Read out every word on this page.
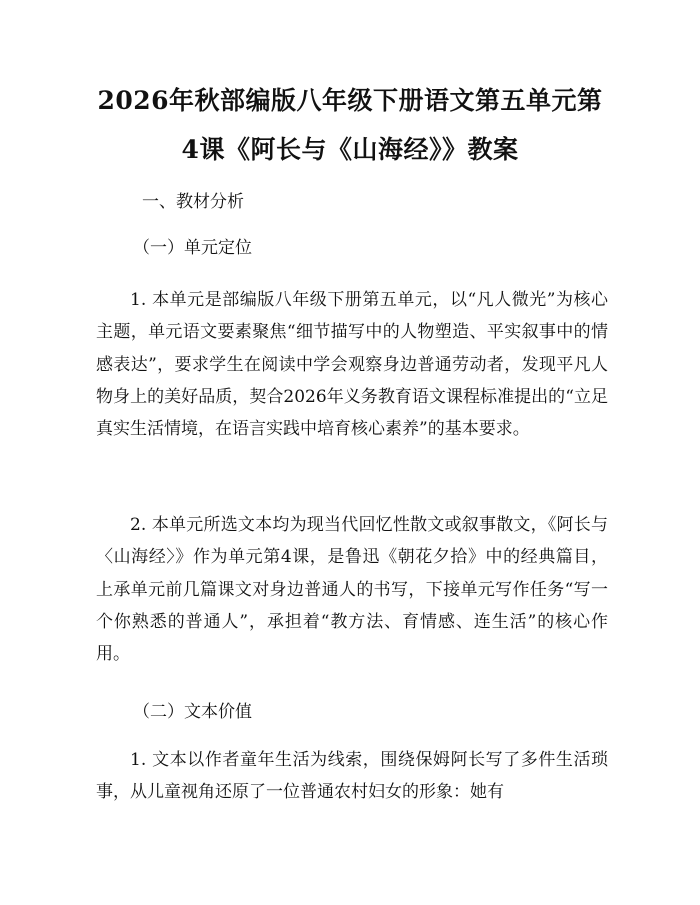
2026年秋部编版八年级下册语文第五单元第
4课《阿长与《山海经》》教案
一、教材分析
（一）单元定位
1. 本单元是部编版八年级下册第五单元，以“凡人微光”为核心主题，单元语文要素聚焦“细节描写中的人物塑造、平实叙事中的情感表达”，要求学生在阅读中学会观察身边普通劳动者，发现平凡人物身上的美好品质，契合2026年义务教育语文课程标准提出的“立足真实生活情境，在语言实践中培育核心素养”的基本要求。
2. 本单元所选文本均为现当代回忆性散文或叙事散文，《阿长与〈山海经〉》作为单元第4课，是鲁迅《朝花夕拾》中的经典篇目，上承单元前几篇课文对身边普通人的书写，下接单元写作任务“写一个你熟悉的普通人”，承担着“教方法、育情感、连生活”的核心作用。
（二）文本价值
1. 文本以作者童年生活为线索，围绕保姆阿长写了多件生活琐事，从儿童视角还原了一位普通农村妇女的形象：她有
